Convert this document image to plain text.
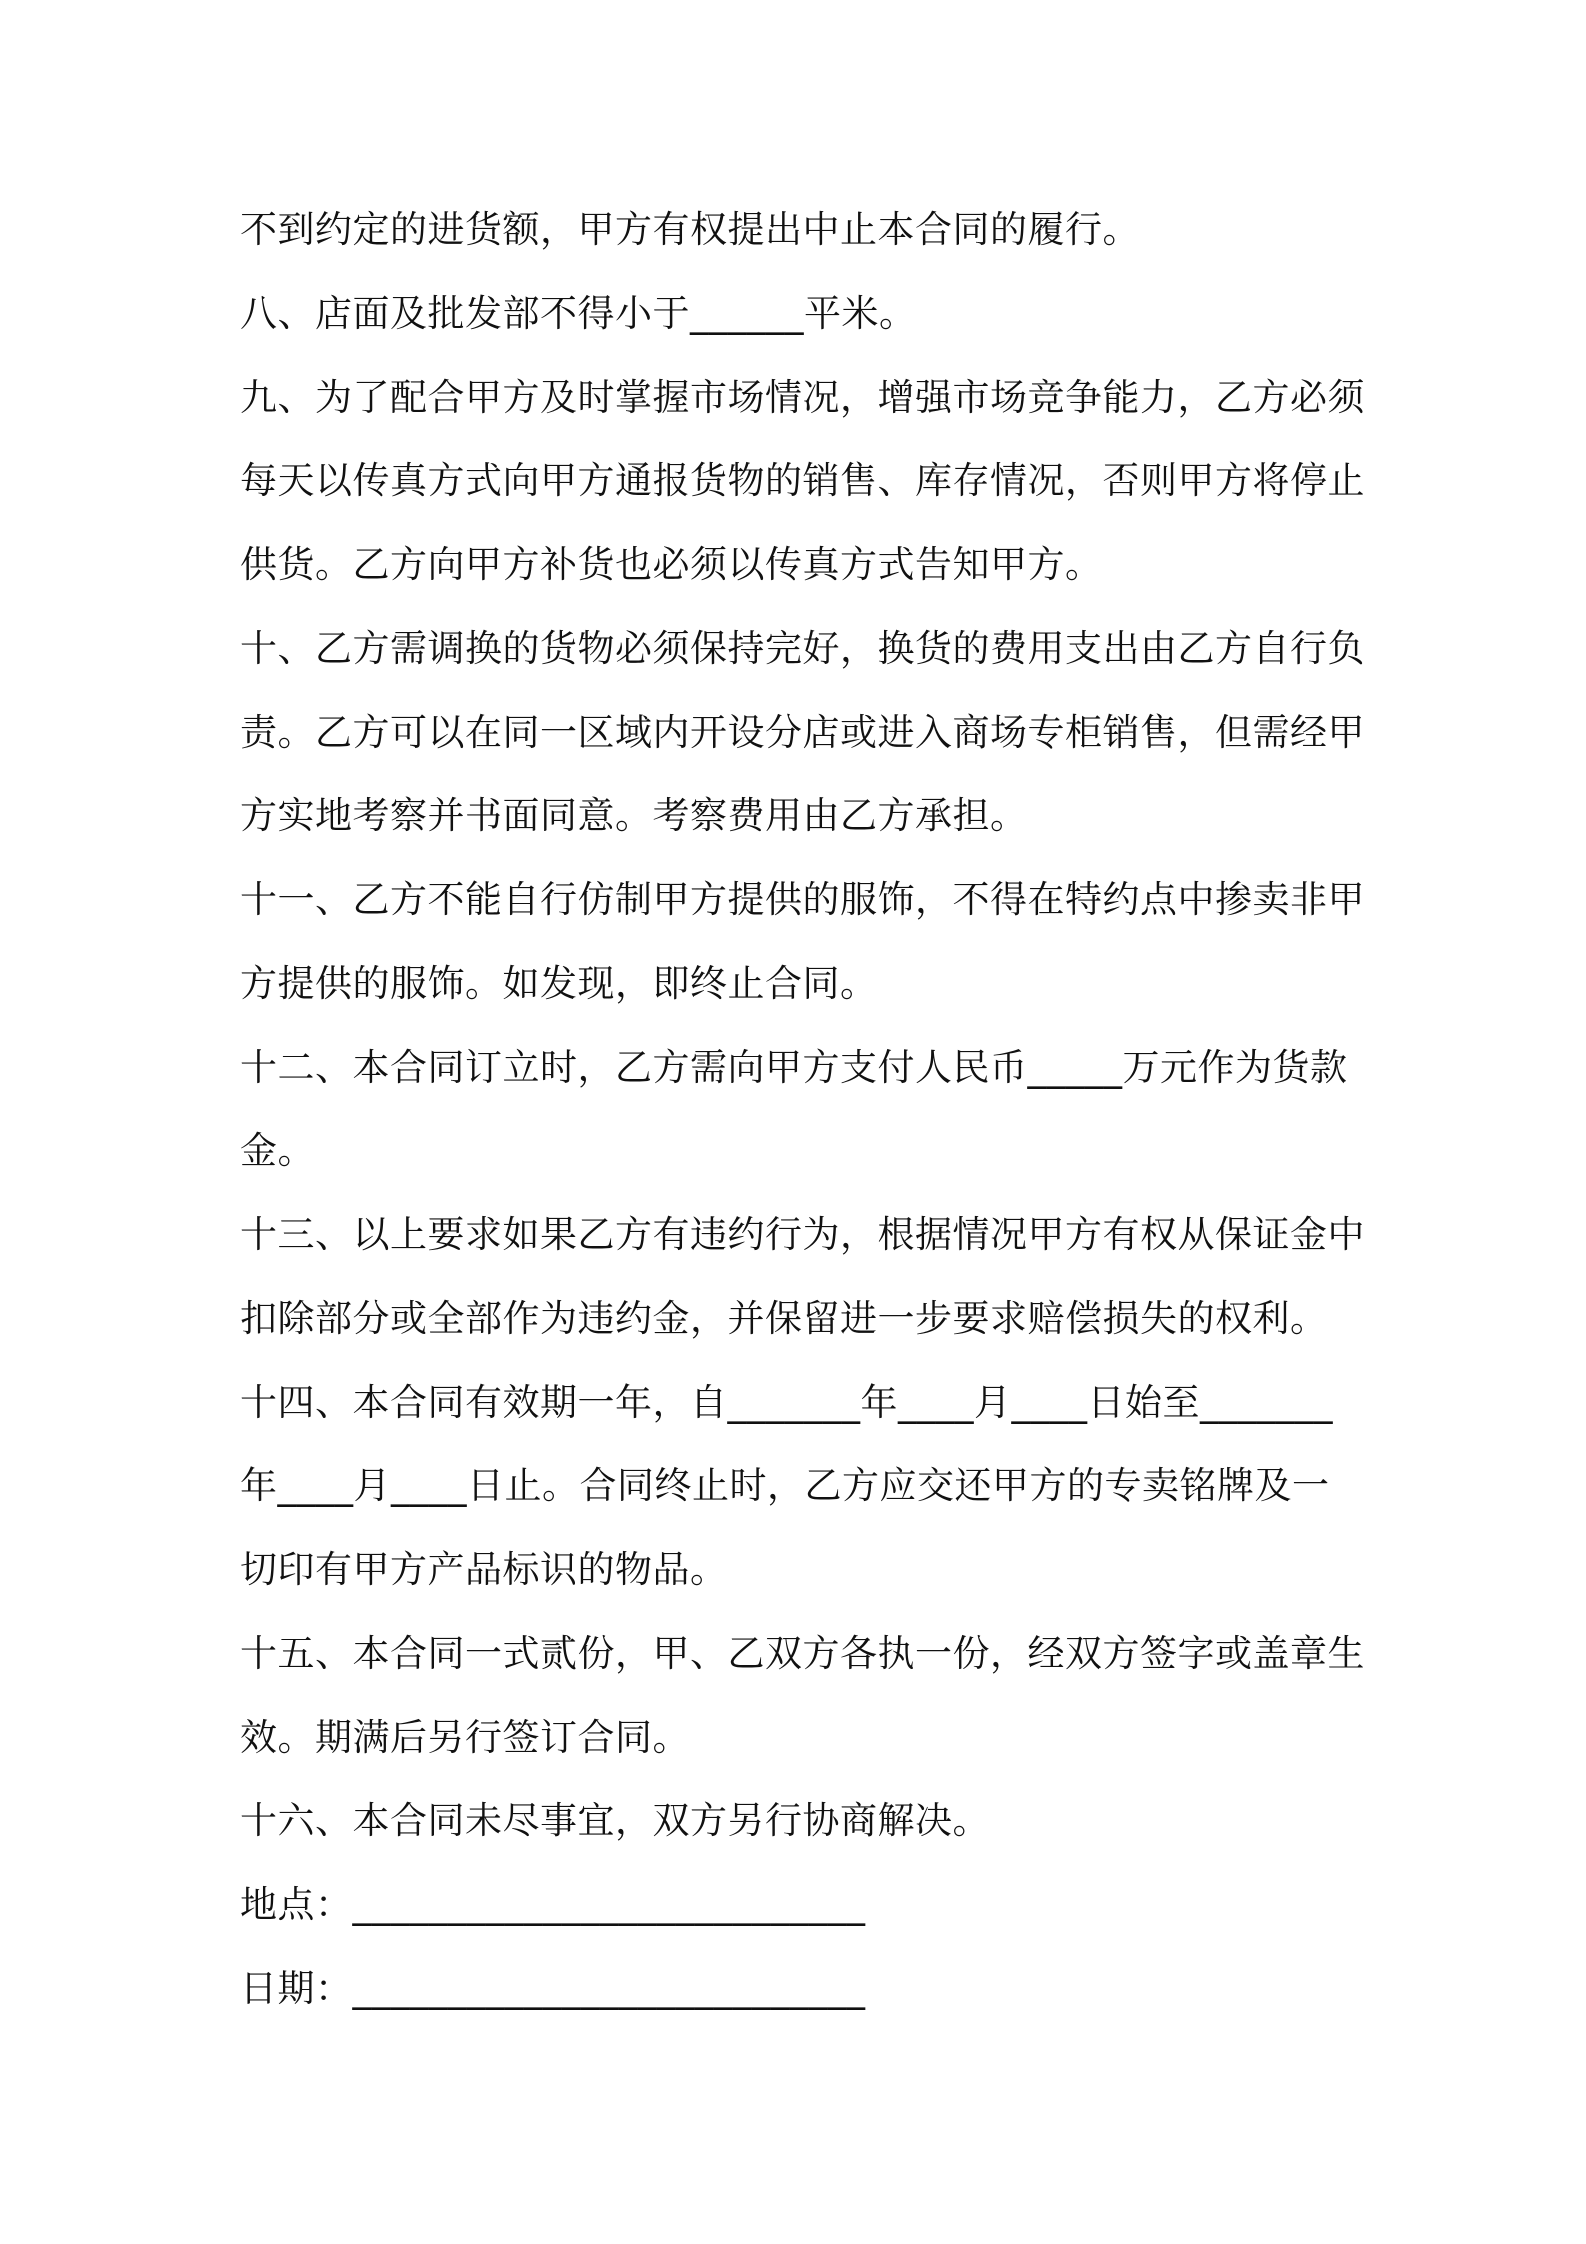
不到约定的进货额，甲方有权提出中止本合同的履行。
八、店面及批发部不得小于______平米。
九、为了配合甲方及时掌握市场情况，增强市场竞争能力，乙方必须
每天以传真方式向甲方通报货物的销售、库存情况，否则甲方将停止
供货。乙方向甲方补货也必须以传真方式告知甲方。
十、乙方需调换的货物必须保持完好，换货的费用支出由乙方自行负
责。乙方可以在同一区域内开设分店或进入商场专柜销售，但需经甲
方实地考察并书面同意。考察费用由乙方承担。
十一、乙方不能自行仿制甲方提供的服饰，不得在特约点中掺卖非甲
方提供的服饰。如发现，即终止合同。
十二、本合同订立时，乙方需向甲方支付人民币_____万元作为货款
金。
十三、以上要求如果乙方有违约行为，根据情况甲方有权从保证金中
扣除部分或全部作为违约金，并保留进一步要求赔偿损失的权利。
十四、本合同有效期一年，自_______年____月____日始至_______
年____月____日止。合同终止时，乙方应交还甲方的专卖铭牌及一
切印有甲方产品标识的物品。
十五、本合同一式贰份，甲、乙双方各执一份，经双方签字或盖章生
效。期满后另行签订合同。
十六、本合同未尽事宜，双方另行协商解决。
地点：___________________________
日期：___________________________
